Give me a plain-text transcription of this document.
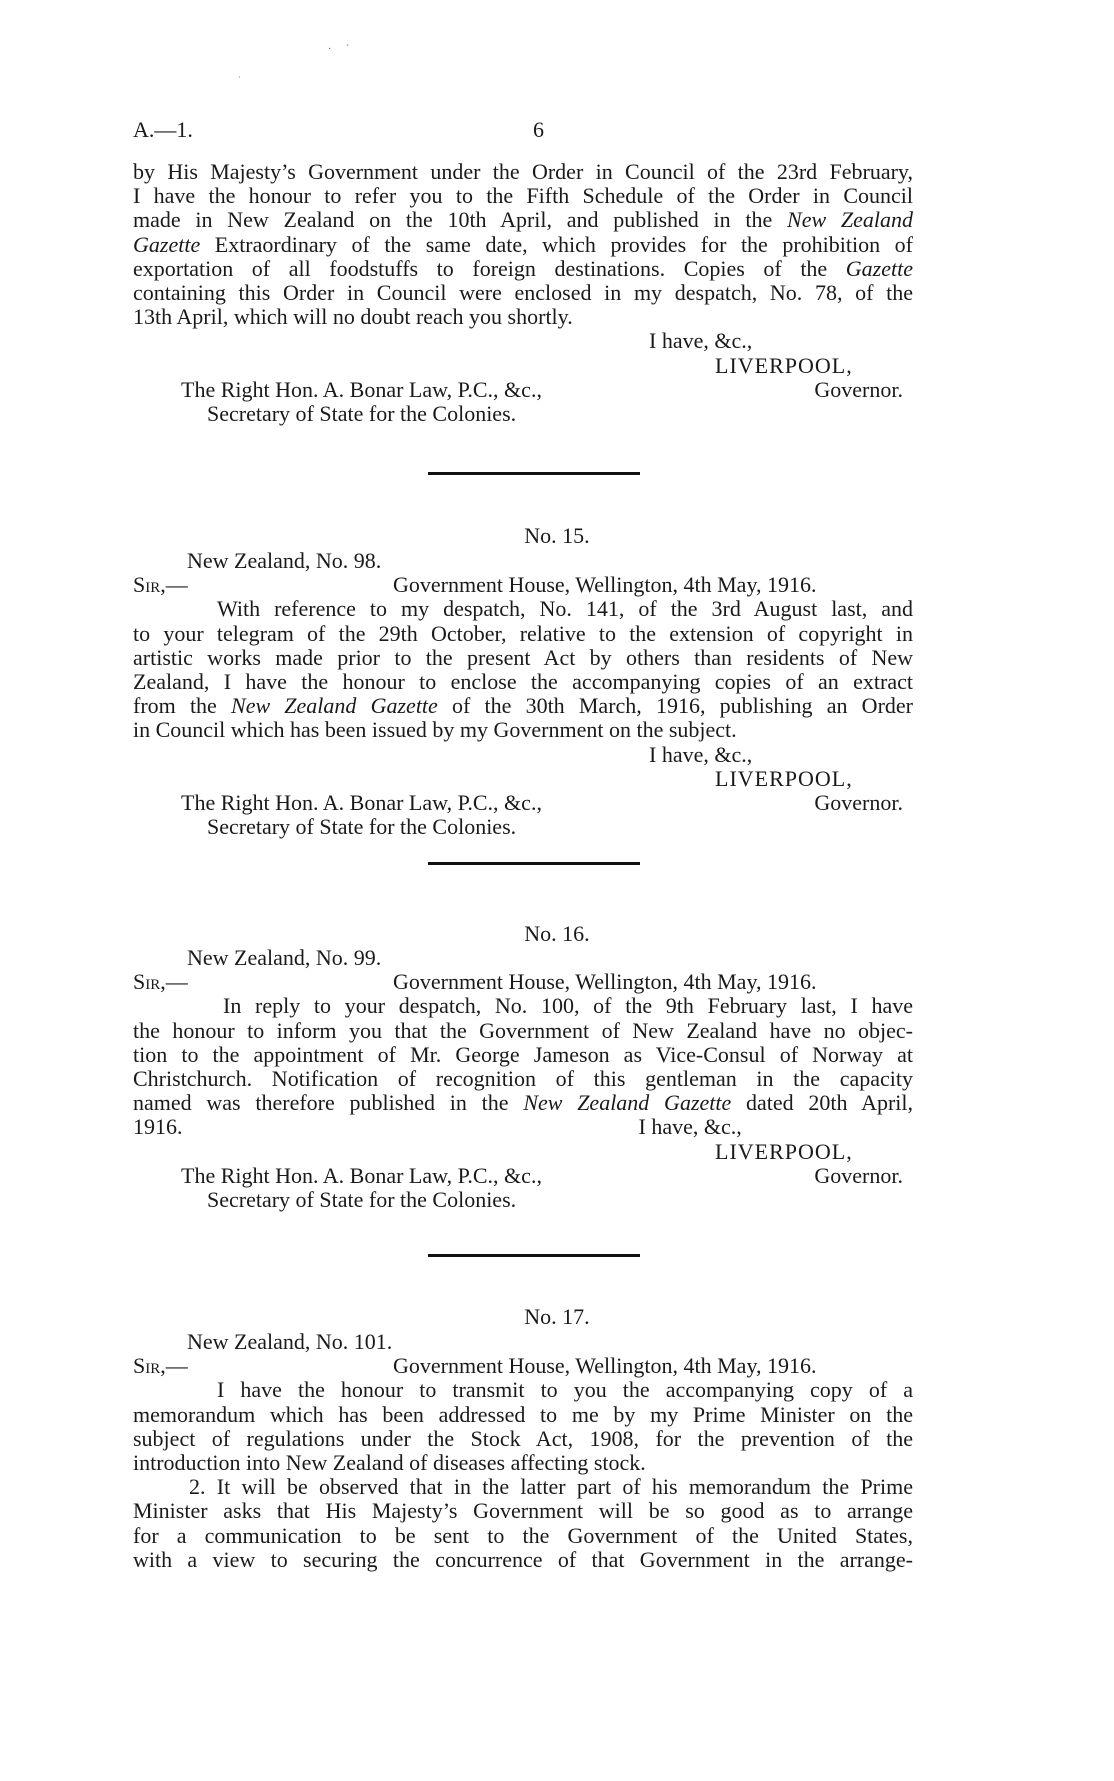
· ˊ
·
A.—1.	6

by His Majesty’s Government under the Order in Council of the 23rd February,

I have the honour to refer you to the Fifth Schedule of the Order in Council

made in New Zealand on the 10th April, and published in the New Zealand

Gazette Extraordinary of the same date, which provides for the prohibition of

exportation of all foodstuffs to foreign destinations. Copies of the Gazette

containing this Order in Council were enclosed in my despatch, No. 78, of the

13th April, which will no doubt reach you shortly.

I have, &c.,
LIVERPOOL,
The Right Hon. A. Bonar Law, P.C., &c.,	Governor.
Secretary of State for the Colonies.
No. 15.
New Zealand, No. 98.
Sir,—	Government House, Wellington, 4th May, 1916.

With reference to my despatch, No. 141, of the 3rd August last, and

to your telegram of the 29th October, relative to the extension of copyright in

artistic works made prior to the present Act by others than residents of New

Zealand, I have the honour to enclose the accompanying copies of an extract

from the New Zealand Gazette of the 30th March, 1916, publishing an Order

in Council which has been issued by my Government on the subject.

I have, &c.,
LIVERPOOL,
The Right Hon. A. Bonar Law, P.C., &c.,	Governor.
Secretary of State for the Colonies.
No. 16.
New Zealand, No. 99.
Sir,—	Government House, Wellington, 4th May, 1916.

In reply to your despatch, No. 100, of the 9th February last, I have

the honour to inform you that the Government of New Zealand have no objec-

tion to the appointment of Mr. George Jameson as Vice-Consul of Norway at

Christchurch. Notification of recognition of this gentleman in the capacity

named was therefore published in the New Zealand Gazette dated 20th April,

1916.	I have, &c.,
LIVERPOOL,
The Right Hon. A. Bonar Law, P.C., &c.,	Governor.
Secretary of State for the Colonies.
No. 17.
New Zealand, No. 101.
Sir,—	Government House, Wellington, 4th May, 1916.

I have the honour to transmit to you the accompanying copy of a

memorandum which has been addressed to me by my Prime Minister on the

subject of regulations under the Stock Act, 1908, for the prevention of the

introduction into New Zealand of diseases affecting stock.

2. It will be observed that in the latter part of his memorandum the Prime

Minister asks that His Majesty’s Government will be so good as to arrange

for a communication to be sent to the Government of the United States,

with a view to securing the concurrence of that Government in the arrange-
